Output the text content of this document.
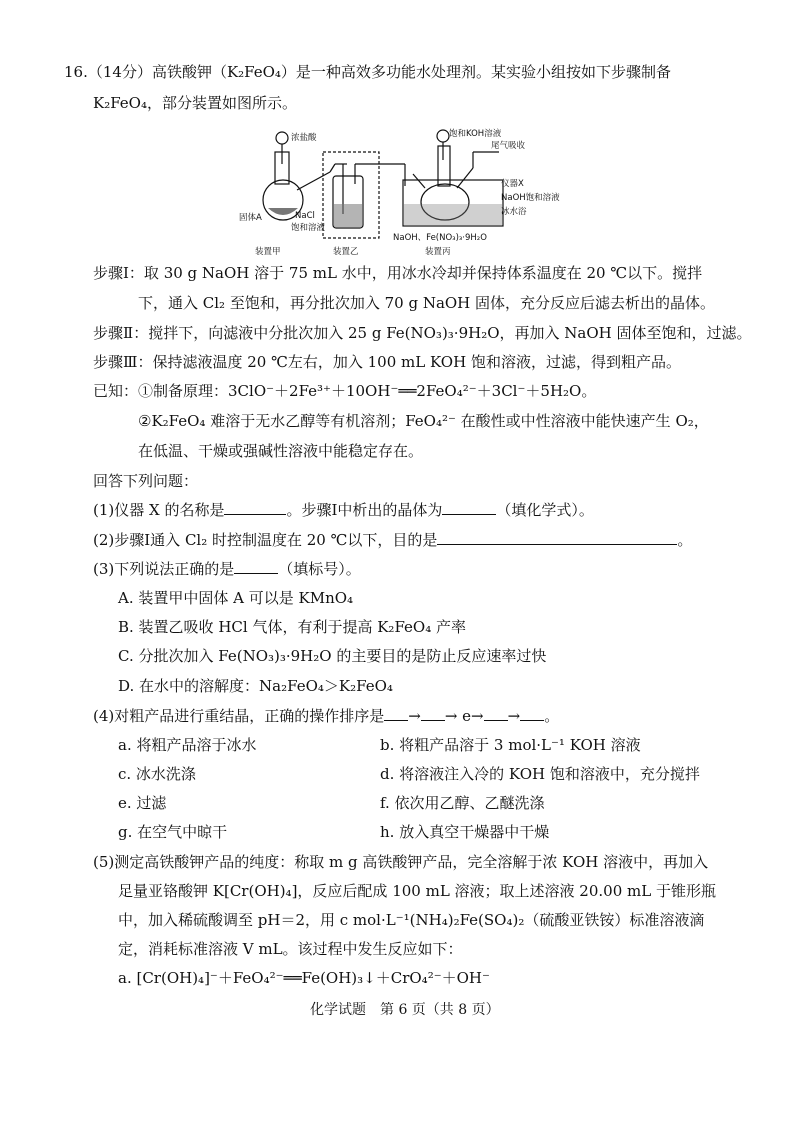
16.（14分）高铁酸钾（K₂FeO₄）是一种高效多功能水处理剂。某实验小组按如下步骤制备
K₂FeO₄，部分装置如图所示。
浓盐酸	饱和KOH溶液
尾气吸收
仪器X
NaOH饱和溶液
冰水浴
固体A	NaCl
饱和溶液
NaOH、Fe(NO₃)₃·9H₂O
装置甲	装置乙	装置丙
步骤Ⅰ：取 30 g NaOH 溶于 75 mL 水中，用冰水冷却并保持体系温度在 20 ℃以下。搅拌
下，通入 Cl₂ 至饱和，再分批次加入 70 g NaOH 固体，充分反应后滤去析出的晶体。
步骤Ⅱ：搅拌下，向滤液中分批次加入 25 g Fe(NO₃)₃·9H₂O，再加入 NaOH 固体至饱和，过滤。
步骤Ⅲ：保持滤液温度 20 ℃左右，加入 100 mL KOH 饱和溶液，过滤，得到粗产品。
已知：①制备原理：3ClO⁻＋2Fe³⁺＋10OH⁻══2FeO₄²⁻＋3Cl⁻＋5H₂O。
②K₂FeO₄ 难溶于无水乙醇等有机溶剂；FeO₄²⁻ 在酸性或中性溶液中能快速产生 O₂，
在低温、干燥或强碱性溶液中能稳定存在。
回答下列问题：
(1)仪器 X 的名称是	。步骤Ⅰ中析出的晶体为	（填化学式）。
(2)步骤Ⅰ通入 Cl₂ 时控制温度在 20 ℃以下，目的是	。
(3)下列说法正确的是	（填标号）。
A. 装置甲中固体 A 可以是 KMnO₄
B. 装置乙吸收 HCl 气体，有利于提高 K₂FeO₄ 产率
C. 分批次加入 Fe(NO₃)₃·9H₂O 的主要目的是防止反应速率过快
D. 在水中的溶解度：Na₂FeO₄＞K₂FeO₄
(4)对粗产品进行重结晶，正确的操作排序是 → → e→ → 。
a. 将粗产品溶于冰水	b. 将粗产品溶于 3 mol·L⁻¹ KOH 溶液
c. 冰水洗涤	d. 将溶液注入冷的 KOH 饱和溶液中，充分搅拌
e. 过滤	f. 依次用乙醇、乙醚洗涤
g. 在空气中晾干	h. 放入真空干燥器中干燥
(5)测定高铁酸钾产品的纯度：称取 m g 高铁酸钾产品，完全溶解于浓 KOH 溶液中，再加入
足量亚铬酸钾 K[Cr(OH)₄]，反应后配成 100 mL 溶液；取上述溶液 20.00 mL 于锥形瓶
中，加入稀硫酸调至 pH＝2，用 c mol·L⁻¹(NH₄)₂Fe(SO₄)₂（硫酸亚铁铵）标准溶液滴
定，消耗标准溶液 V mL。该过程中发生反应如下：
a. [Cr(OH)₄]⁻＋FeO₄²⁻══Fe(OH)₃↓＋CrO₄²⁻＋OH⁻
化学试题　第 6 页（共 8 页）
